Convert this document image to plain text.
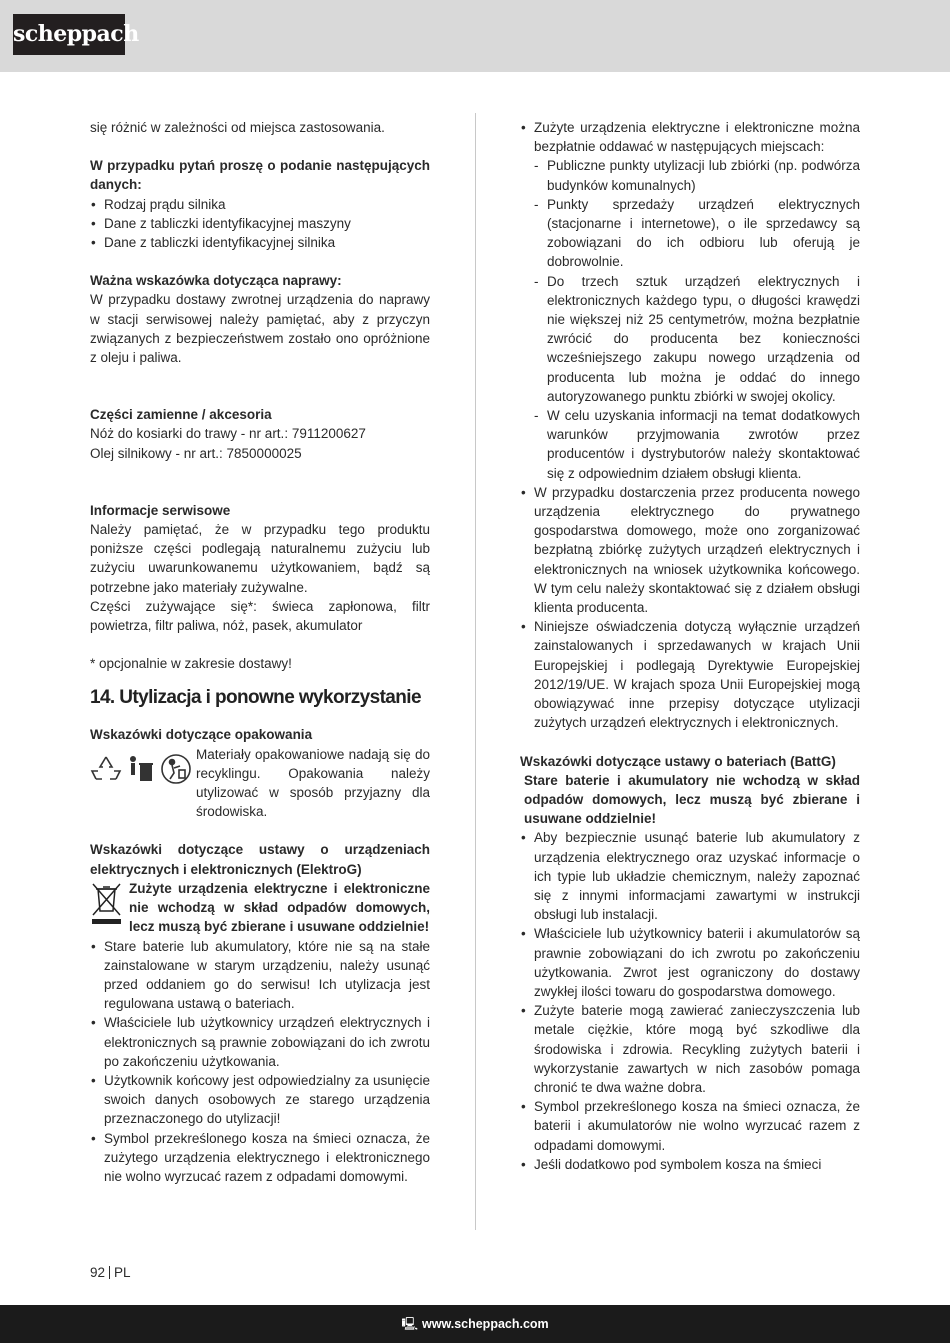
scheppach

się różnić w zależności od miejsca zastosowania.

W przypadku pytań proszę o podanie następujących danych:

• Rodzaj prądu silnika
• Dane z tabliczki identyfikacyjnej maszyny
• Dane z tabliczki identyfikacyjnej silnika

Ważna wskazówka dotycząca naprawy:

W przypadku dostawy zwrotnej urządzenia do naprawy w stacji serwisowej należy pamiętać, aby z przyczyn związanych z bezpieczeństwem zostało ono opróżnione z oleju i paliwa.

Części zamienne / akcesoria

Nóż do kosiarki do trawy - nr art.: 7911200627

Olej silnikowy - nr art.: 7850000025

Informacje serwisowe

Należy pamiętać, że w przypadku tego produktu poniższe części podlegają naturalnemu zużyciu lub zużyciu uwarunkowanemu użytkowaniem, bądź są potrzebne jako materiały zużywalne.

Części zużywające się*: świeca zapłonowa, filtr powietrza, filtr paliwa, nóż, pasek, akumulator

* opcjonalnie w zakresie dostawy!

14. Utylizacja i ponowne wykorzystanie

Wskazówki dotyczące opakowania

Materiały opakowaniowe nadają się do recyklingu. Opakowania należy utylizować w sposób przyjazny dla środowiska.

Wskazówki dotyczące ustawy o urządzeniach elektrycznych i elektronicznych (ElektroG)

Zużyte urządzenia elektryczne i elektroniczne nie wchodzą w skład odpadów domowych, lecz muszą być zbierane i usuwane oddzielnie!

• Stare baterie lub akumulatory, które nie są na stałe zainstalowane w starym urządzeniu, należy usunąć przed oddaniem go do serwisu! Ich utylizacja jest regulowana ustawą o bateriach.
• Właściciele lub użytkownicy urządzeń elektrycznych i elektronicznych są prawnie zobowiązani do ich zwrotu po zakończeniu użytkowania.
• Użytkownik końcowy jest odpowiedzialny za usunięcie swoich danych osobowych ze starego urządzenia przeznaczonego do utylizacji!
• Symbol przekreślonego kosza na śmieci oznacza, że zużytego urządzenia elektrycznego i elektronicznego nie wolno wyrzucać razem z odpadami domowymi.
• Zużyte urządzenia elektryczne i elektroniczne można bezpłatnie oddawać w następujących miejscach:
- Publiczne punkty utylizacji lub zbiórki (np. podwórza budynków komunalnych)
- Punkty sprzedaży urządzeń elektrycznych (stacjonarne i internetowe), o ile sprzedawcy są zobowiązani do ich odbioru lub oferują je dobrowolnie.
- Do trzech sztuk urządzeń elektrycznych i elektronicznych każdego typu, o długości krawędzi nie większej niż 25 centymetrów, można bezpłatnie zwrócić do producenta bez konieczności wcześniejszego zakupu nowego urządzenia od producenta lub można je oddać do innego autoryzowanego punktu zbiórki w swojej okolicy.
- W celu uzyskania informacji na temat dodatkowych warunków przyjmowania zwrotów przez producentów i dystrybutorów należy skontaktować się z odpowiednim działem obsługi klienta.
• W przypadku dostarczenia przez producenta nowego urządzenia elektrycznego do prywatnego gospodarstwa domowego, może ono zorganizować bezpłatną zbiórkę zużytych urządzeń elektrycznych i elektronicznych na wniosek użytkownika końcowego. W tym celu należy skontaktować się z działem obsługi klienta producenta.
• Niniejsze oświadczenia dotyczą wyłącznie urządzeń zainstalowanych i sprzedawanych w krajach Unii Europejskiej i podlegają Dyrektywie Europejskiej 2012/19/UE. W krajach spoza Unii Europejskiej mogą obowiązywać inne przepisy dotyczące utylizacji zużytych urządzeń elektrycznych i elektronicznych.

Wskazówki dotyczące ustawy o bateriach (BattG)

Stare baterie i akumulatory nie wchodzą w skład odpadów domowych, lecz muszą być zbierane i usuwane oddzielnie!

• Aby bezpiecznie usunąć baterie lub akumulatory z urządzenia elektrycznego oraz uzyskać informacje o ich typie lub układzie chemicznym, należy zapoznać się z innymi informacjami zawartymi w instrukcji obsługi lub instalacji.
• Właściciele lub użytkownicy baterii i akumulatorów są prawnie zobowiązani do ich zwrotu po zakończeniu użytkowania. Zwrot jest ograniczony do dostawy zwykłej ilości towaru do gospodarstwa domowego.
• Zużyte baterie mogą zawierać zanieczyszczenia lub metale ciężkie, które mogą być szkodliwe dla środowiska i zdrowia. Recykling zużytych baterii i wykorzystanie zawartych w nich zasobów pomaga chronić te dwa ważne dobra.
• Symbol przekreślonego kosza na śmieci oznacza, że baterii i akumulatorów nie wolno wyrzucać razem z odpadami domowymi.
• Jeśli dodatkowo pod symbolem kosza na śmieci
92 PL
🖳 www.scheppach.com
